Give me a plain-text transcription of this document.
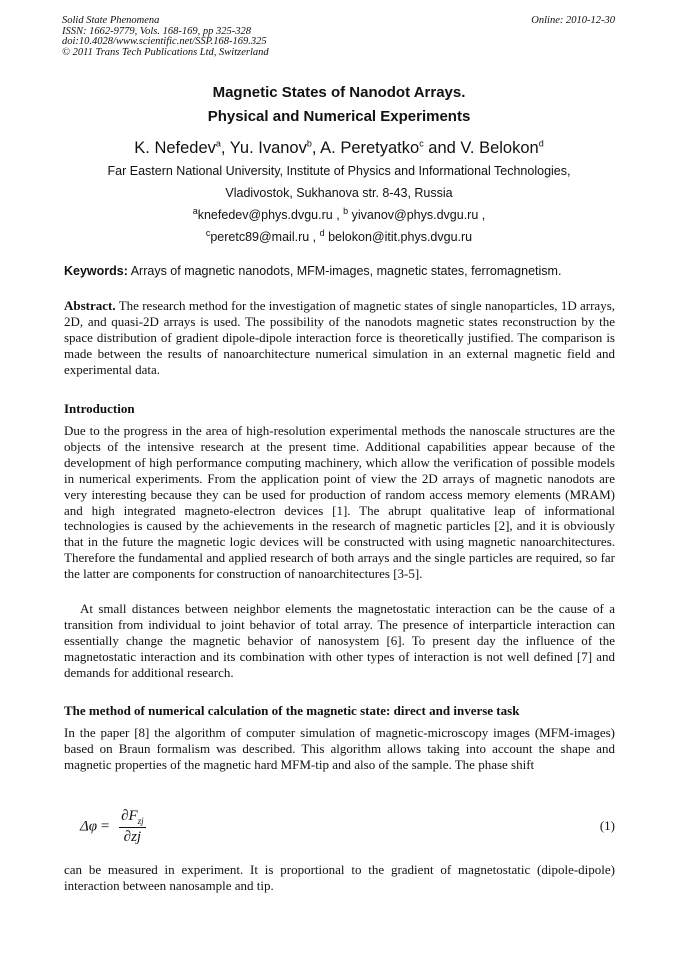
Solid State Phenomena
ISSN: 1662-9779, Vols. 168-169, pp 325-328
doi:10.4028/www.scientific.net/SSP.168-169.325
© 2011 Trans Tech Publications Ltd, Switzerland
Online: 2010-12-30
Magnetic States of Nanodot Arrays.
Physical and Numerical Experiments
K. Nefedev$^a$, Yu. Ivanov$^b$, A. Peretyatko$^c$ and V. Belokon$^d$
Far Eastern National University, Institute of Physics and Informational Technologies,
Vladivostok, Sukhanova str. 8-43, Russia
$^a$knefedev@phys.dvgu.ru , $^b$ yivanov@phys.dvgu.ru ,
$^c$peretc89@mail.ru , $^d$ belokon@itit.phys.dvgu.ru
Keywords: Arrays of magnetic nanodots, MFM-images, magnetic states, ferromagnetism.
Abstract. The research method for the investigation of magnetic states of single nanoparticles, 1D arrays, 2D, and quasi-2D arrays is used. The possibility of the nanodots magnetic states reconstruction by the space distribution of gradient dipole-dipole interaction force is theoretically justified. The comparison is made between the results of nanoarchitecture numerical simulation in an external magnetic field and experimental data.
Introduction
Due to the progress in the area of high-resolution experimental methods the nanoscale structures are the objects of the intensive research at the present time. Additional capabilities appear because of the development of high performance computing machinery, which allow the verification of possible models in numerical experiments. From the application point of view the 2D arrays of magnetic nanodots are very interesting because they can be used for production of random access memory elements (MRAM) and high integrated magneto-electron devices [1]. The abrupt qualitative leap of informational technologies is caused by the achievements in the research of magnetic particles [2], and it is obviously that in the future the magnetic logic devices will be constructed with using magnetic nanoarchitectures. Therefore the fundamental and applied research of both arrays and the single particles are required, so far the latter are components for construction of nanoarchitectures [3-5].
At small distances between neighbor elements the magnetostatic interaction can be the cause of a transition from individual to joint behavior of total array. The presence of interparticle interaction can essentially change the magnetic behavior of nanosystem [6]. To present day the influence of the magnetostatic interaction and its combination with other types of interaction is not well defined [7] and demands for additional research.
The method of numerical calculation of the magnetic state: direct and inverse task
In the paper [8] the algorithm of computer simulation of magnetic-microscopy images (MFM-images) based on Braun formalism was described. This algorithm allows taking into account the shape and magnetic properties of the magnetic hard MFM-tip and also of the sample. The phase shift
$\Delta\varphi = \frac{\partial F_{zj}}{\partial zj}$	(1)
can be measured in experiment. It is proportional to the gradient of magnetostatic (dipole-dipole) interaction between nanosample and tip.
